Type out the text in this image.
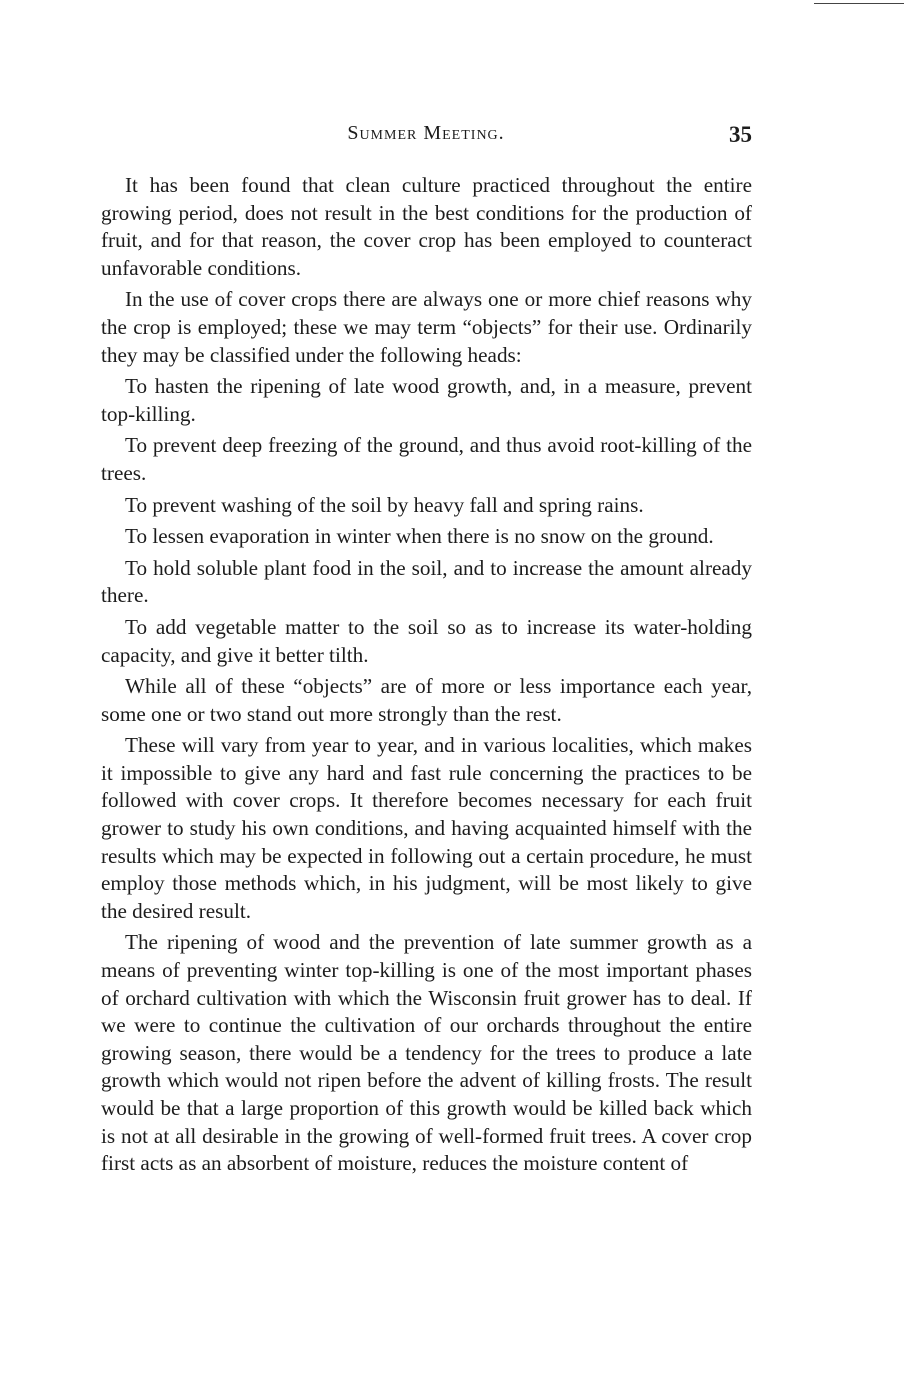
Summer Meeting.	35

It has been found that clean culture practiced throughout the entire growing period, does not result in the best conditions for the production of fruit, and for that reason, the cover crop has been employed to counteract unfavorable conditions.

In the use of cover crops there are always one or more chief reasons why the crop is employed; these we may term “objects” for their use. Ordinarily they may be classified under the following heads:

To hasten the ripening of late wood growth, and, in a measure, prevent top-killing.

To prevent deep freezing of the ground, and thus avoid root-killing of the trees.

To prevent washing of the soil by heavy fall and spring rains.

To lessen evaporation in winter when there is no snow on the ground.

To hold soluble plant food in the soil, and to increase the amount already there.

To add vegetable matter to the soil so as to increase its water-holding capacity, and give it better tilth.

While all of these “objects” are of more or less importance each year, some one or two stand out more strongly than the rest.

These will vary from year to year, and in various localities, which makes it impossible to give any hard and fast rule concerning the practices to be followed with cover crops. It therefore becomes necessary for each fruit grower to study his own conditions, and having acquainted himself with the results which may be expected in following out a certain procedure, he must employ those methods which, in his judgment, will be most likely to give the desired result.

The ripening of wood and the prevention of late summer growth as a means of preventing winter top-killing is one of the most important phases of orchard cultivation with which the Wisconsin fruit grower has to deal. If we were to continue the cultivation of our orchards throughout the entire growing season, there would be a tendency for the trees to produce a late growth which would not ripen before the advent of killing frosts. The result would be that a large proportion of this growth would be killed back which is not at all desirable in the growing of well-formed fruit trees. A cover crop first acts as an absorbent of moisture, reduces the moisture content of
